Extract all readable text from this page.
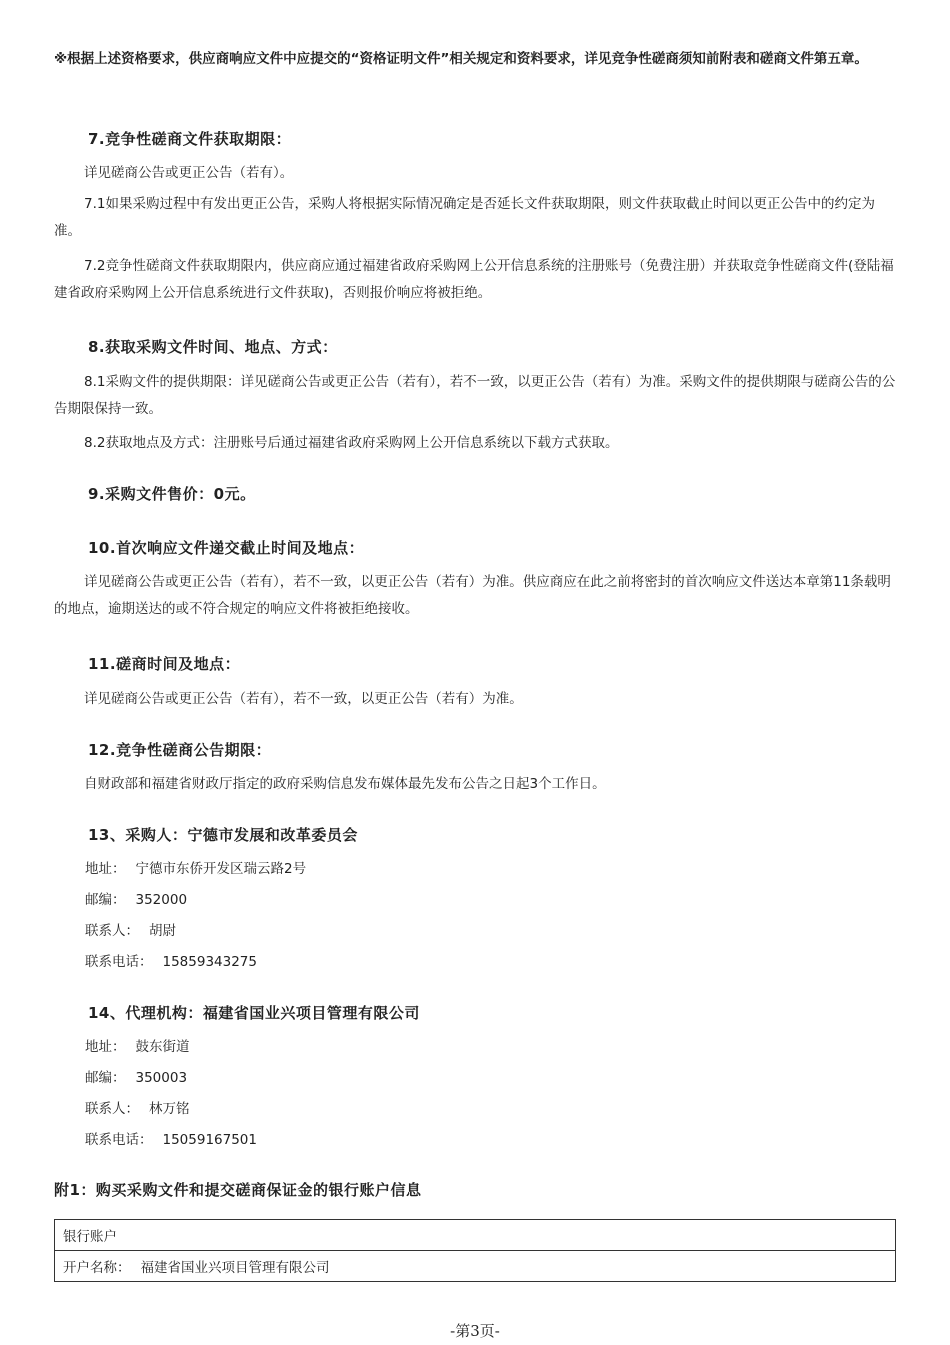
※根据上述资格要求，供应商响应文件中应提交的“资格证明文件”相关规定和资料要求，详见竞争性磋商须知前附表和磋商文件第五章。

7.竞争性磋商文件获取期限：

详见磋商公告或更正公告（若有）。

7.1如果采购过程中有发出更正公告，采购人将根据实际情况确定是否延长文件获取期限，则文件获取截止时间以更正公告中的约定为准。

7.2竞争性磋商文件获取期限内，供应商应通过福建省政府采购网上公开信息系统的注册账号（免费注册）并获取竞争性磋商文件(登陆福建省政府采购网上公开信息系统进行文件获取)，否则报价响应将被拒绝。

8.获取采购文件时间、地点、方式：

8.1采购文件的提供期限：详见磋商公告或更正公告（若有），若不一致，以更正公告（若有）为准。采购文件的提供期限与磋商公告的公告期限保持一致。

8.2获取地点及方式：注册账号后通过福建省政府采购网上公开信息系统以下载方式获取。

9.采购文件售价：0元。
10.首次响应文件递交截止时间及地点：

详见磋商公告或更正公告（若有），若不一致，以更正公告（若有）为准。供应商应在此之前将密封的首次响应文件送达本章第11条载明的地点，逾期送达的或不符合规定的响应文件将被拒绝接收。

11.磋商时间及地点：

详见磋商公告或更正公告（若有），若不一致，以更正公告（若有）为准。

12.竞争性磋商公告期限：

自财政部和福建省财政厅指定的政府采购信息发布媒体最先发布公告之日起3个工作日。

13、采购人：宁德市发展和改革委员会
地址： 宁德市东侨开发区瑞云路2号
邮编： 352000
联系人： 胡尉
联系电话： 15859343275
14、代理机构：福建省国业兴项目管理有限公司
地址： 鼓东街道
邮编： 350003
联系人： 林万铭
联系电话： 15059167501
附1：购买采购文件和提交磋商保证金的银行账户信息
银行账户
开户名称： 福建省国业兴项目管理有限公司
-第3页-
